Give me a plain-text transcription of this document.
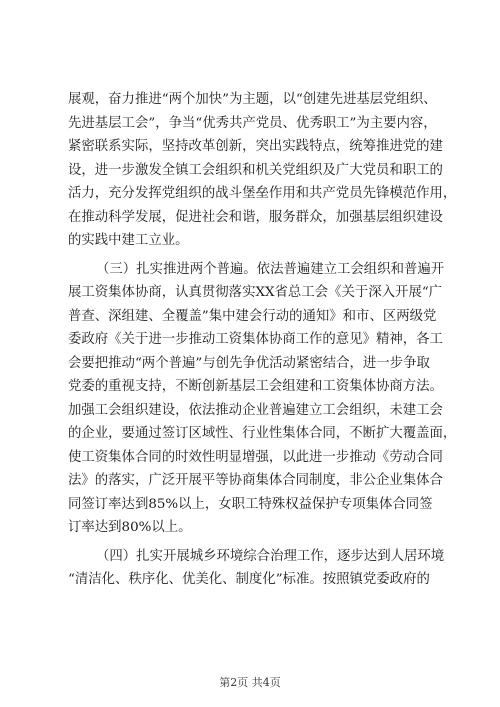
展观，奋力推进“两个加快”为主题，以“创建先进基层党组织、
先进基层工会”，争当“优秀共产党员、优秀职工”为主要内容，
紧密联系实际，坚持改革创新，突出实践特点，统筹推进党的建
设，进一步激发全镇工会组织和机关党组织及广大党员和职工的
活力，充分发挥党组织的战斗堡垒作用和共产党员先锋模范作用，
在推动科学发展，促进社会和谐，服务群众，加强基层组织建设
的实践中建工立业。
（三）扎实推进两个普遍。依法普遍建立工会组织和普遍开
展工资集体协商，认真贯彻落实XX省总工会《关于深入开展“广
普查、深组建、全覆盖”集中建会行动的通知》和市、区两级党
委政府《关于进一步推动工资集体协商工作的意见》精神，各工
会要把推动“两个普遍”与创先争优活动紧密结合，进一步争取
党委的重视支持，不断创新基层工会组建和工资集体协商方法。
加强工会组织建设，依法推动企业普遍建立工会组织，未建工会
的企业，要通过签订区域性、行业性集体合同，不断扩大覆盖面，
使工资集体合同的时效性明显增强，以此进一步推动《劳动合同
法》的落实，广泛开展平等协商集体合同制度，非公企业集体合
同签订率达到85%以上，女职工特殊权益保护专项集体合同签
订率达到80%以上。
（四）扎实开展城乡环境综合治理工作，逐步达到人居环境
“清洁化、秩序化、优美化、制度化”标准。按照镇党委政府的
第2页 共4页
